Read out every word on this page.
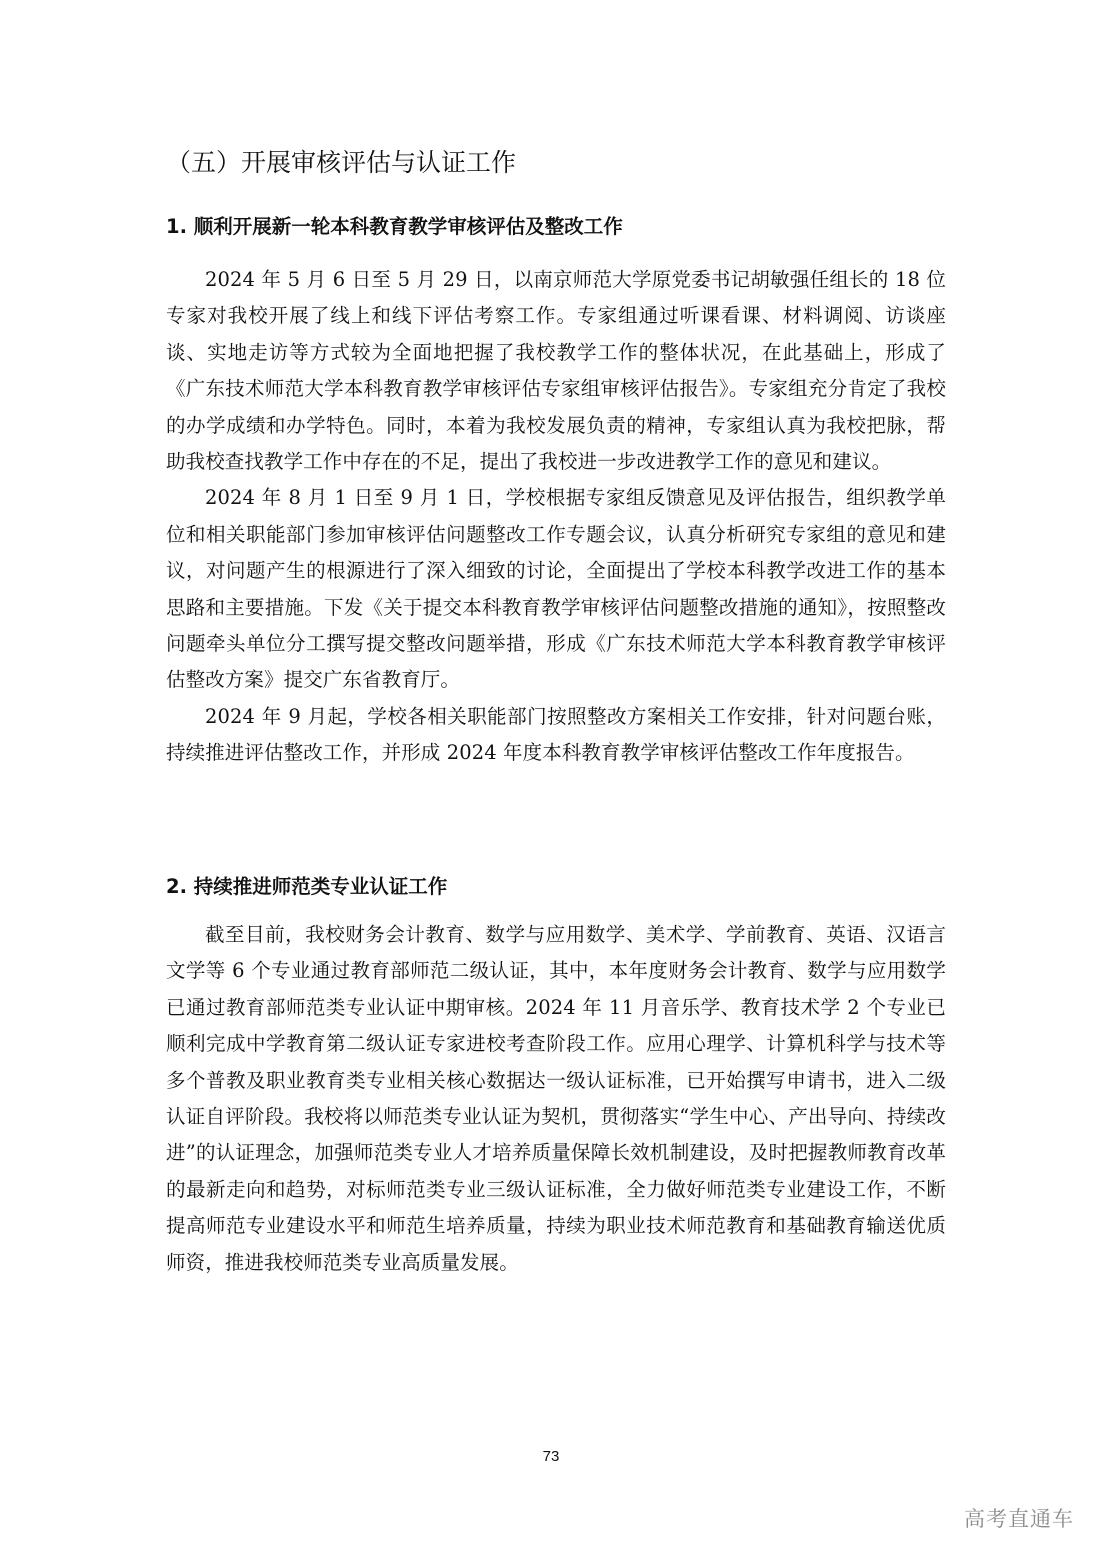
（五）开展审核评估与认证工作
1. 顺利开展新一轮本科教育教学审核评估及整改工作

2024 年 5 月 6 日至 5 月 29 日，以南京师范大学原党委书记胡敏强任组长的 18 位专家对我校开展了线上和线下评估考察工作。专家组通过听课看课、材料调阅、访谈座谈、实地走访等方式较为全面地把握了我校教学工作的整体状况，在此基础上，形成了《广东技术师范大学本科教育教学审核评估专家组审核评估报告》。专家组充分肯定了我校的办学成绩和办学特色。同时，本着为我校发展负责的精神，专家组认真为我校把脉，帮助我校查找教学工作中存在的不足，提出了我校进一步改进教学工作的意见和建议。

2024 年 8 月 1 日至 9 月 1 日，学校根据专家组反馈意见及评估报告，组织教学单位和相关职能部门参加审核评估问题整改工作专题会议，认真分析研究专家组的意见和建议，对问题产生的根源进行了深入细致的讨论，全面提出了学校本科教学改进工作的基本思路和主要措施。下发《关于提交本科教育教学审核评估问题整改措施的通知》，按照整改问题牵头单位分工撰写提交整改问题举措，形成《广东技术师范大学本科教育教学审核评估整改方案》提交广东省教育厅。

2024 年 9 月起，学校各相关职能部门按照整改方案相关工作安排，针对问题台账，持续推进评估整改工作，并形成 2024 年度本科教育教学审核评估整改工作年度报告。

2. 持续推进师范类专业认证工作

截至目前，我校财务会计教育、数学与应用数学、美术学、学前教育、英语、汉语言文学等 6 个专业通过教育部师范二级认证，其中，本年度财务会计教育、数学与应用数学已通过教育部师范类专业认证中期审核。2024 年 11 月音乐学、教育技术学 2 个专业已顺利完成中学教育第二级认证专家进校考查阶段工作。应用心理学、计算机科学与技术等多个普教及职业教育类专业相关核心数据达一级认证标准，已开始撰写申请书，进入二级认证自评阶段。我校将以师范类专业认证为契机，贯彻落实“学生中心、产出导向、持续改进”的认证理念，加强师范类专业人才培养质量保障长效机制建设，及时把握教师教育改革的最新走向和趋势，对标师范类专业三级认证标准，全力做好师范类专业建设工作，不断提高师范专业建设水平和师范生培养质量，持续为职业技术师范教育和基础教育输送优质师资，推进我校师范类专业高质量发展。

73
高考直通车
